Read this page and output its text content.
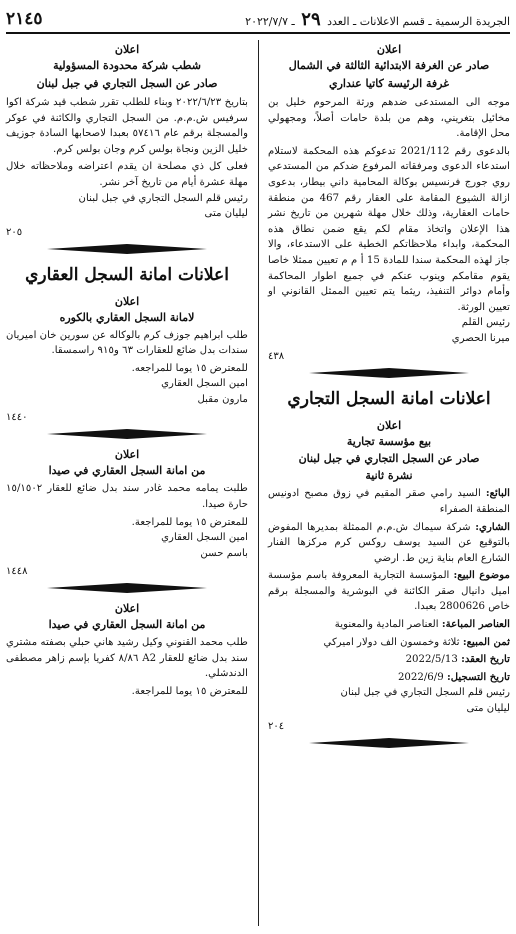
الجريدة الرسمية ـ قسم الاعلانات ـ العدد ٢٩ ـ ٢٠٢٢/٧/٧
٢١٤٥
اعلان
صادر عن الغرفة الابتدائية الثالثة في الشمال
غرفة الرئيسة كاتيا عنداري

موجه الى المستدعى ضدهم ورثة المرحوم خليل بن مخائيل بتغريني، وهم من بلدة حامات أصلاً، ومجهولي محل الإقامة.

بالدعوى رقم 2021/112 تدعوكم هذه المحكمة لاستلام استدعاء الدعوى ومرفقاته المرفوع ضدكم من المستدعي روي جورج فرنسيس بوكالة المحامية داني بيطار، بدعوى ازالة الشيوع المقامة على العقار رقم 467 من منطقة حامات العقارية، وذلك خلال مهلة شهرين من تاريخ نشر هذا الإعلان واتخاذ مقام لكم يقع ضمن نطاق هذه المحكمة، وابداء ملاحظاتكم الخطية على الاستدعاء، والا جاز لهذه المحكمة سندا للمادة 15 أ م م تعيين ممثلا خاصا يقوم مقامكم وينوب عنكم في جميع اطوار المحاكمة وأمام دوائر التنفيذ، ريثما يتم تعيين الممثل القانوني او تعيين الورثة.

رئيس القلم
ميرنا الحصري
٤٣٨
اعلانات امانة السجل التجاري
اعلان
بيع مؤسسة تجارية
صادر عن السجل التجاري في جبل لبنان
نشرة ثانية

البائع: السيد رامي صقر المقيم في زوق مصبح ادونيس المنطقة الصفراء

الشاري: شركة سيماك ش.م.م الممثلة بمديرها المفوض بالتوقيع عن السيد يوسف روكس كرم مركزها الفنار الشارع العام بناية زين ط. ارضي

موضوع البيع: المؤسسة التجارية المعروفة باسم مؤسسة اميل دانيال صقر الكائنة في البوشرية والمسجلة برقم خاص 2800626 بعبدا.

العناصر المباعة: العناصر المادية والمعنوية

ثمن المبيع: ثلاثة وخمسون الف دولار اميركي

تاريخ العقد: 2022/5/13

تاريخ التسجيل: 2022/6/9

رئيس قلم السجل التجاري في جبل لبنان
ليليان متى
٢٠٤
اعلان
شطب شركة محدودة المسؤولية
صادر عن السجل التجاري في جبل لبنان

بتاريخ ٢٠٢٢/٦/٢٣ وبناء للطلب تقرر شطب قيد شركة اكوا سرفيس ش.م.م. من السجل التجاري والكائنة في عوكر والمسجلة برقم عام ٥٧٤١٦ بعبدا لاصحابها السادة جوزيف خليل الزين ونجاة بولس كرم وجان بولس كرم.

فعلى كل ذي مصلحة ان يقدم اعتراضه وملاحظاته خلال مهلة عشرة أيام من تاريخ آخر نشر.

رئيس قلم السجل التجاري في جبل لبنان
ليليان متى
٢٠٥
اعلانات امانة السجل العقاري
اعلان
لامانة السجل العقاري بالكوره

طلب ابراهيم جوزف كرم بالوكاله عن سورين خان اميريان سندات بدل ضائع للعقارات ٦٣ و٩١٥ راسمسقا.

للمعترض ١٥ يوما للمراجعه.

امين السجل العقاري
مارون مقبل
١٤٤٠
اعلان
من امانة السجل العقاري في صيدا

طلبت يمامه محمد غادر سند بدل ضائع للعقار ١٥/١٥٠٢ حارة صيدا.

للمعترض ١٥ يوما للمراجعة.

امين السجل العقاري
باسم حسن
١٤٤٨
اعلان
من امانة السجل العقاري في صيدا

طلب محمد القنوني وكيل رشيد هاني حبلي بصفته مشتري سند بدل ضائع للعقار A2 ٨/٨٦ كفريا بإسم زاهر مصطفى الدندشلي.

للمعترض ١٥ يوما للمراجعة.
